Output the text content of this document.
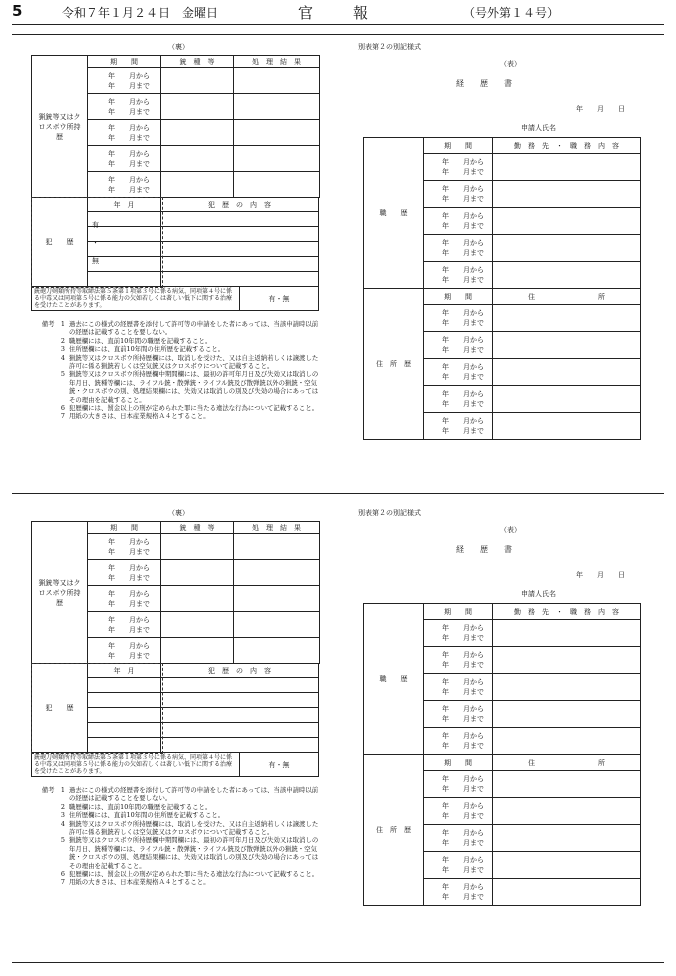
5	令和７年１月２４日　金曜日	官報	（号外第１４号）
（裏）
猟銃等又はクロスボウ所持歴	期　　間	銃　種　等	処　理　結　果

	年　　月から
年　　月まで		

	年　　月から
年　　月まで		

	年　　月から
年　　月まで		

	年　　月から
年　　月まで		

	年　　月から
年　　月まで		

犯　　歴	年　月	犯　歴　の　内　容	

銃砲刀剣類所持等取締法第５条第１項第３号に係る病気、同項第４号に係る中毒又は同項第５号に係る能力の欠如若しくは著しい低下に関する治療を受けたことがあります。			有・無
有
・
無
備考　 1 過去にこの様式の経歴書を添付して許可等の申請をした者にあっては、当該申請時以前の経歴は記載することを要しない。
2 職歴欄には、直前10年間の職歴を記載すること。
3 住所歴欄には、直前10年間の住所歴を記載すること。
4 猟銃等又はクロスボウ所持歴欄には、取消しを受けた、又は自主返納若しくは譲渡した許可に係る猟銃若しくは空気銃又はクロスボウについて記載すること。
5 猟銃等又はクロスボウ所持歴欄中期間欄には、最初の許可年月日及び失効又は取消しの年月日、銃種等欄には、ライフル銃・散弾銃・ライフル銃及び散弾銃以外の猟銃・空気銃・クロスボウの別、処理結果欄には、失効又は取消しの別及び失効の場合にあってはその理由を記載すること。
6 犯歴欄には、罰金以上の刑が定められた罪に当たる違法な行為について記載すること。
7 用紙の大きさは、日本産業規格Ａ４とすること。
別表第２の別記様式
（表）
経　　歴　　書
年　　月　　日
申請人氏名
職　　歴	期　　間	勤　務　先　・　職　務　内　容

	年　　月から
年　　月まで	

	年　　月から
年　　月まで	

	年　　月から
年　　月まで	

	年　　月から
年　　月まで	

	年　　月から
年　　月まで	

住　所　歴	期　　間	住　　　　　　　　　所

	年　　月から
年　　月まで	

	年　　月から
年　　月まで	

	年　　月から
年　　月まで	

	年　　月から
年　　月まで	

	年　　月から
年　　月まで	

（裏）
猟銃等又はクロスボウ所持歴	期　　間	銃　種　等	処　理　結　果

	年　　月から
年　　月まで		

	年　　月から
年　　月まで		

	年　　月から
年　　月まで		

	年　　月から
年　　月まで		

	年　　月から
年　　月まで		

犯　　歴	年　月	犯　歴　の　内　容	

銃砲刀剣類所持等取締法第５条第１項第３号に係る病気、同項第４号に係る中毒又は同項第５号に係る能力の欠如若しくは著しい低下に関する治療を受けたことがあります。			有・無
備考　 1 過去にこの様式の経歴書を添付して許可等の申請をした者にあっては、当該申請時以前の経歴は記載することを要しない。
2 職歴欄には、直前10年間の職歴を記載すること。
3 住所歴欄には、直前10年間の住所歴を記載すること。
4 猟銃等又はクロスボウ所持歴欄には、取消しを受けた、又は自主返納若しくは譲渡した許可に係る猟銃若しくは空気銃又はクロスボウについて記載すること。
5 猟銃等又はクロスボウ所持歴欄中期間欄には、最初の許可年月日及び失効又は取消しの年月日、銃種等欄には、ライフル銃・散弾銃・ライフル銃及び散弾銃以外の猟銃・空気銃・クロスボウの別、処理結果欄には、失効又は取消しの別及び失効の場合にあってはその理由を記載すること。
6 犯歴欄には、罰金以上の刑が定められた罪に当たる違法な行為について記載すること。
7 用紙の大きさは、日本産業規格Ａ４とすること。
別表第２の別記様式
（表）
経　　歴　　書
年　　月　　日
申請人氏名
職　　歴	期　　間	勤　務　先　・　職　務　内　容

	年　　月から
年　　月まで	

	年　　月から
年　　月まで	

	年　　月から
年　　月まで	

	年　　月から
年　　月まで	

	年　　月から
年　　月まで	

住　所　歴	期　　間	住　　　　　　　　　所

	年　　月から
年　　月まで	

	年　　月から
年　　月まで	

	年　　月から
年　　月まで	

	年　　月から
年　　月まで	

	年　　月から
年　　月まで	
